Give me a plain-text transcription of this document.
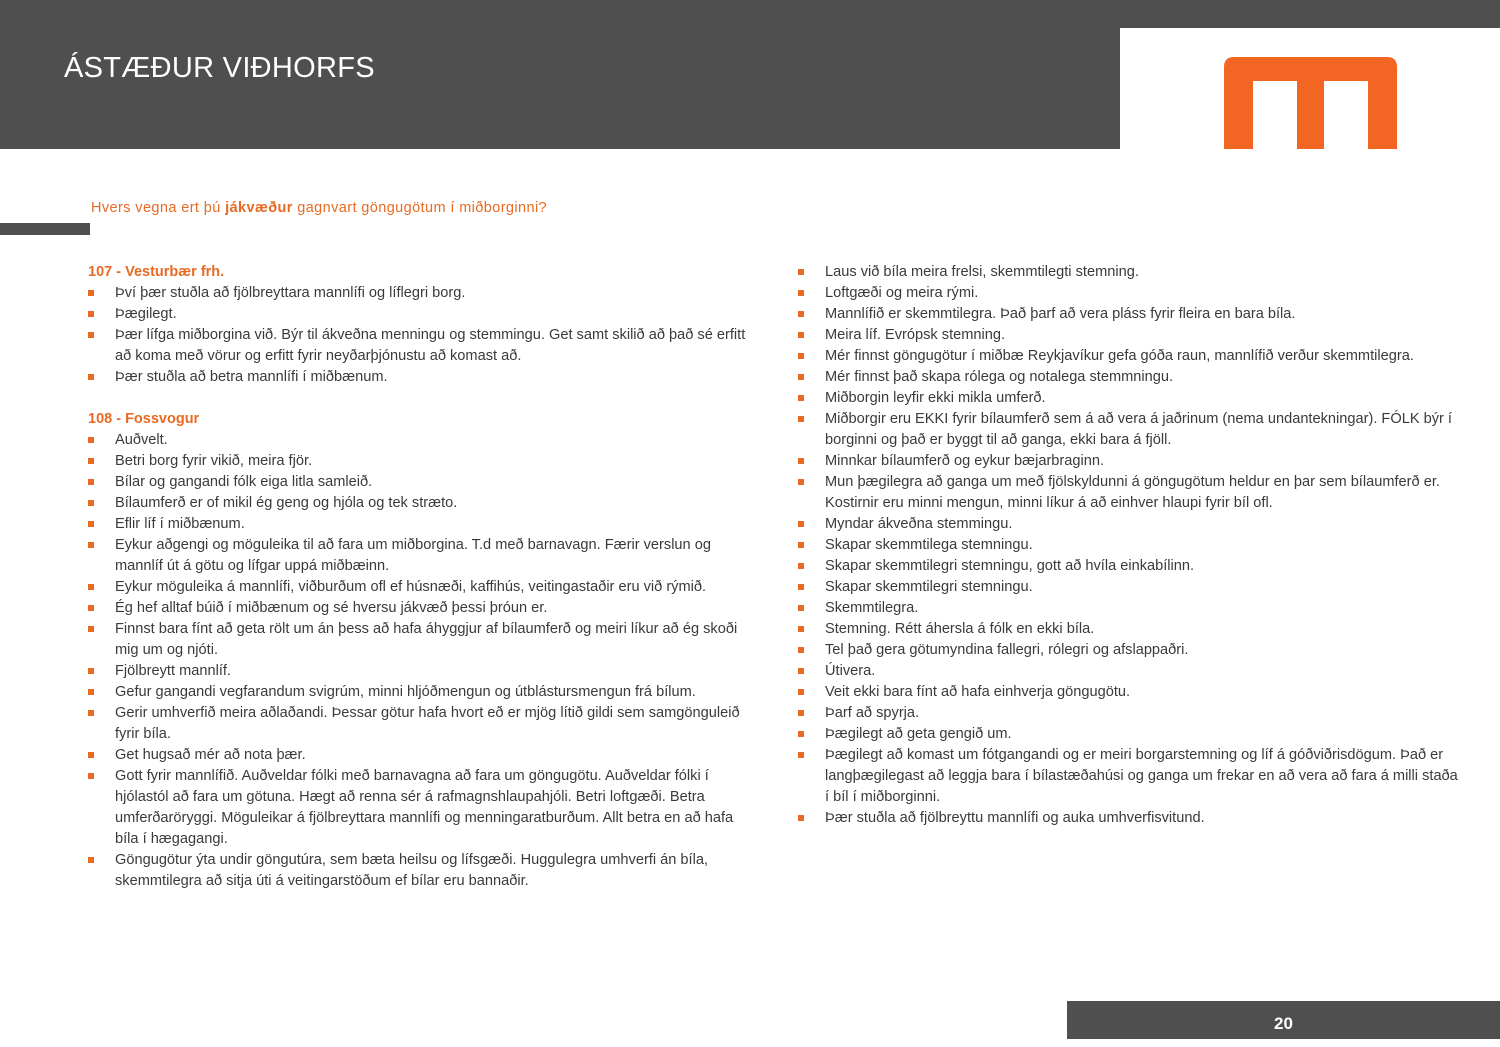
ÁSTÆÐUR VIÐHORFS
Hvers vegna ert þú jákvæður gagnvart göngugötum í miðborginni?
107 - Vesturbær frh.
Því þær stuðla að fjölbreyttara mannlífi og líflegri borg.
Þægilegt.
Þær lífga miðborgina við. Býr til ákveðna menningu og stemmingu. Get samt skilið að það sé erfitt að koma með vörur og erfitt fyrir neyðarþjónustu að komast að.
Þær stuðla að betra mannlífi í miðbænum.
108 - Fossvogur
Auðvelt.
Betri borg fyrir vikið, meira fjör.
Bílar og gangandi fólk eiga litla samleið.
Bílaumferð er of mikil ég geng og hjóla og tek stræto.
Eflir líf í miðbænum.
Eykur aðgengi og möguleika til að fara um miðborgina. T.d með barnavagn. Færir verslun og mannlíf út á götu og lífgar uppá miðbæinn.
Eykur möguleika á mannlífi, viðburðum ofl ef húsnæði, kaffihús, veitingastaðir eru við rýmið.
Ég hef alltaf búið í miðbænum og sé hversu jákvæð þessi þróun er.
Finnst bara fínt að geta rölt um án þess að hafa áhyggjur af bílaumferð og meiri líkur að ég skoði mig um og njóti.
Fjölbreytt mannlíf.
Gefur gangandi vegfarandum svigrúm, minni hljóðmengun og útblástursmengun frá bílum.
Gerir umhverfið meira aðlaðandi. Þessar götur hafa hvort eð er mjög lítið gildi sem samgönguleið fyrir bíla.
Get hugsað mér að nota þær.
Gott fyrir mannlífið. Auðveldar fólki með barnavagna að fara um göngugötu. Auðveldar fólki í hjólastól að fara um götuna. Hægt að renna sér á rafmagnshlaupahjóli. Betri loftgæði. Betra umferðaröryggi. Möguleikar á fjölbreyttara mannlífi og menningaratburðum. Allt betra en að hafa bíla í hægagangi.
Göngugötur ýta undir göngutúra, sem bæta heilsu og lífsgæði. Huggulegra umhverfi án bíla, skemmtilegra að sitja úti á veitingarstöðum ef bílar eru bannaðir.
Laus við bíla meira frelsi, skemmtilegti stemning.
Loftgæði og meira rými.
Mannlífið er skemmtilegra. Það þarf að vera pláss fyrir fleira en bara bíla.
Meira líf. Evrópsk stemning.
Mér finnst göngugötur í miðbæ Reykjavíkur gefa góða raun, mannlífið verður skemmtilegra.
Mér finnst það skapa rólega og notalega stemmningu.
Miðborgin leyfir ekki mikla umferð.
Miðborgir eru EKKI fyrir bílaumferð sem á að vera á jaðrinum (nema undantekningar). FÓLK býr í borginni og það er byggt til að ganga, ekki bara á fjöll.
Minnkar bílaumferð og eykur bæjarbraginn.
Mun þægilegra að ganga um með fjölskyldunni á göngugötum heldur en þar sem bílaumferð er. Kostirnir eru minni mengun, minni líkur á að einhver hlaupi fyrir bíl ofl.
Myndar ákveðna stemmingu.
Skapar skemmtilega stemningu.
Skapar skemmtilegri stemningu, gott að hvíla einkabílinn.
Skapar skemmtilegri stemningu.
Skemmtilegra.
Stemning. Rétt áhersla á fólk en ekki bíla.
Tel það gera götumyndina fallegri, rólegri og afslappaðri.
Útivera.
Veit ekki bara fínt að hafa einhverja göngugötu.
Þarf að spyrja.
Þægilegt að geta gengið um.
Þægilegt að komast um fótgangandi og er meiri borgarstemning og líf á góðviðrisdögum. Það er langþægilegast að leggja bara í bílastæðahúsi og ganga um frekar en að vera að fara á milli staða í bíl í miðborginni.
Þær stuðla að fjölbreyttu mannlífi og auka umhverfisvitund.
20
